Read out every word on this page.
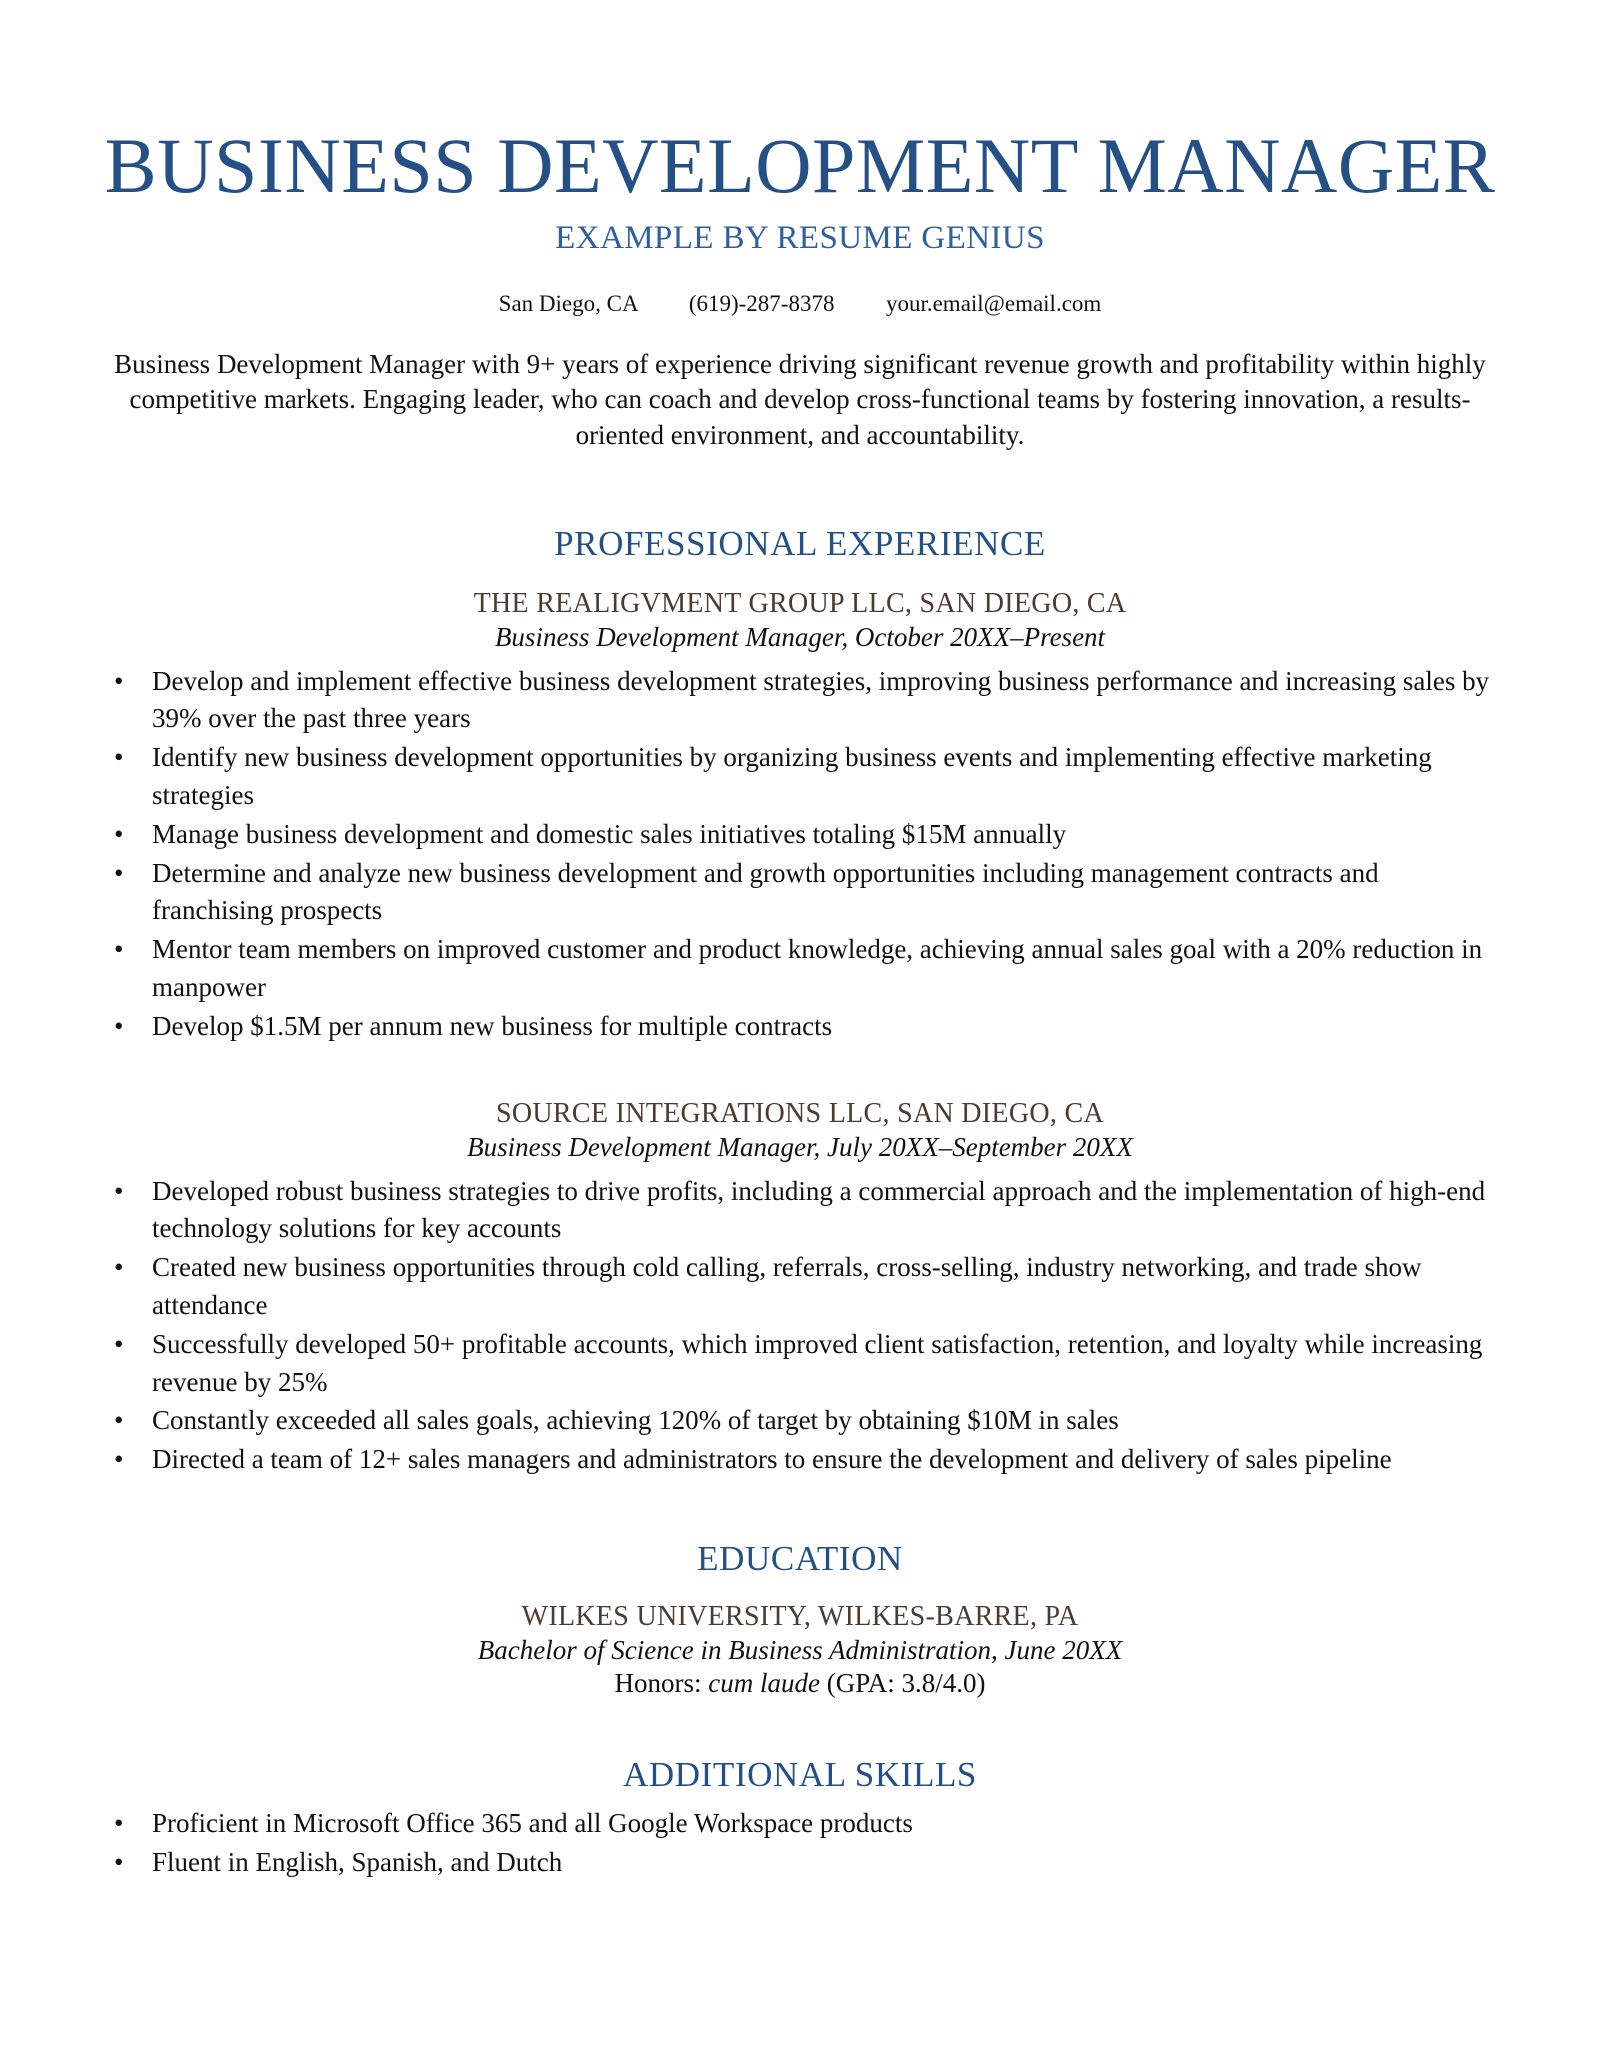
BUSINESS DEVELOPMENT MANAGER
EXAMPLE BY RESUME GENIUS
San Diego, CA (619)-287-8378 your.email@email.com

Business Development Manager with 9+ years of experience driving significant revenue growth and profitability within highly competitive markets. Engaging leader, who can coach and develop cross-functional teams by fostering innovation, a results-oriented environment, and accountability.

PROFESSIONAL EXPERIENCE
THE REALIGVMENT GROUP LLC, SAN DIEGO, CA
Business Development Manager, October 20XX–Present
• Develop and implement effective business development strategies, improving business performance and increasing sales by 39% over the past three years
• Identify new business development opportunities by organizing business events and implementing effective marketing strategies
• Manage business development and domestic sales initiatives totaling $15M annually
• Determine and analyze new business development and growth opportunities including management contracts and franchising prospects
• Mentor team members on improved customer and product knowledge, achieving annual sales goal with a 20% reduction in manpower
• Develop $1.5M per annum new business for multiple contracts
SOURCE INTEGRATIONS LLC, SAN DIEGO, CA
Business Development Manager, July 20XX–September 20XX
• Developed robust business strategies to drive profits, including a commercial approach and the implementation of high-end technology solutions for key accounts
• Created new business opportunities through cold calling, referrals, cross-selling, industry networking, and trade show attendance
• Successfully developed 50+ profitable accounts, which improved client satisfaction, retention, and loyalty while increasing revenue by 25%
• Constantly exceeded all sales goals, achieving 120% of target by obtaining $10M in sales
• Directed a team of 12+ sales managers and administrators to ensure the development and delivery of sales pipeline
EDUCATION
WILKES UNIVERSITY, WILKES-BARRE, PA
Bachelor of Science in Business Administration, June 20XX
Honors: cum laude (GPA: 3.8/4.0)
ADDITIONAL SKILLS
• Proficient in Microsoft Office 365 and all Google Workspace products
• Fluent in English, Spanish, and Dutch
